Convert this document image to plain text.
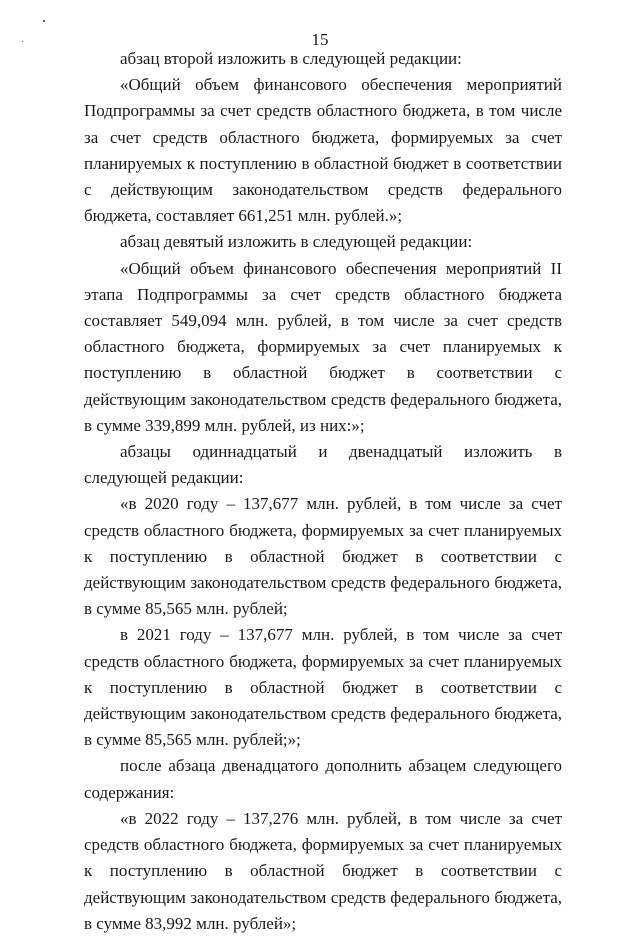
15

абзац второй изложить в следующей редакции:

«Общий объем финансового обеспечения мероприятий Подпрограммы за счет средств областного бюджета, в том числе за счет средств областного бюджета, формируемых за счет планируемых к поступлению в областной бюджет в соответствии с действующим законодательством средств федерального бюджета, составляет 661,251 млн. рублей.»;

абзац девятый изложить в следующей редакции:

«Общий объем финансового обеспечения мероприятий II этапа Подпрограммы за счет средств областного бюджета составляет 549,094 млн. рублей, в том числе за счет средств областного бюджета, формируемых за счет планируемых к поступлению в областной бюджет в соответствии с действующим законодательством средств федерального бюджета, в сумме 339,899 млн. рублей, из них:»;

абзацы одиннадцатый и двенадцатый изложить в следующей редакции:

«в 2020 году – 137,677 млн. рублей, в том числе за счет средств областного бюджета, формируемых за счет планируемых к поступлению в областной бюджет в соответствии с действующим законодательством средств федерального бюджета, в сумме 85,565 млн. рублей;

в 2021 году – 137,677 млн. рублей, в том числе за счет средств областного бюджета, формируемых за счет планируемых к поступлению в областной бюджет в соответствии с действующим законодательством средств федерального бюджета, в сумме 85,565 млн. рублей;»;

после абзаца двенадцатого дополнить абзацем следующего содержания:

«в 2022 году – 137,276 млн. рублей, в том числе за счет средств областного бюджета, формируемых за счет планируемых к поступлению в областной бюджет в соответствии с действующим законодательством средств федерального бюджета, в сумме 83,992 млн. рублей»;
